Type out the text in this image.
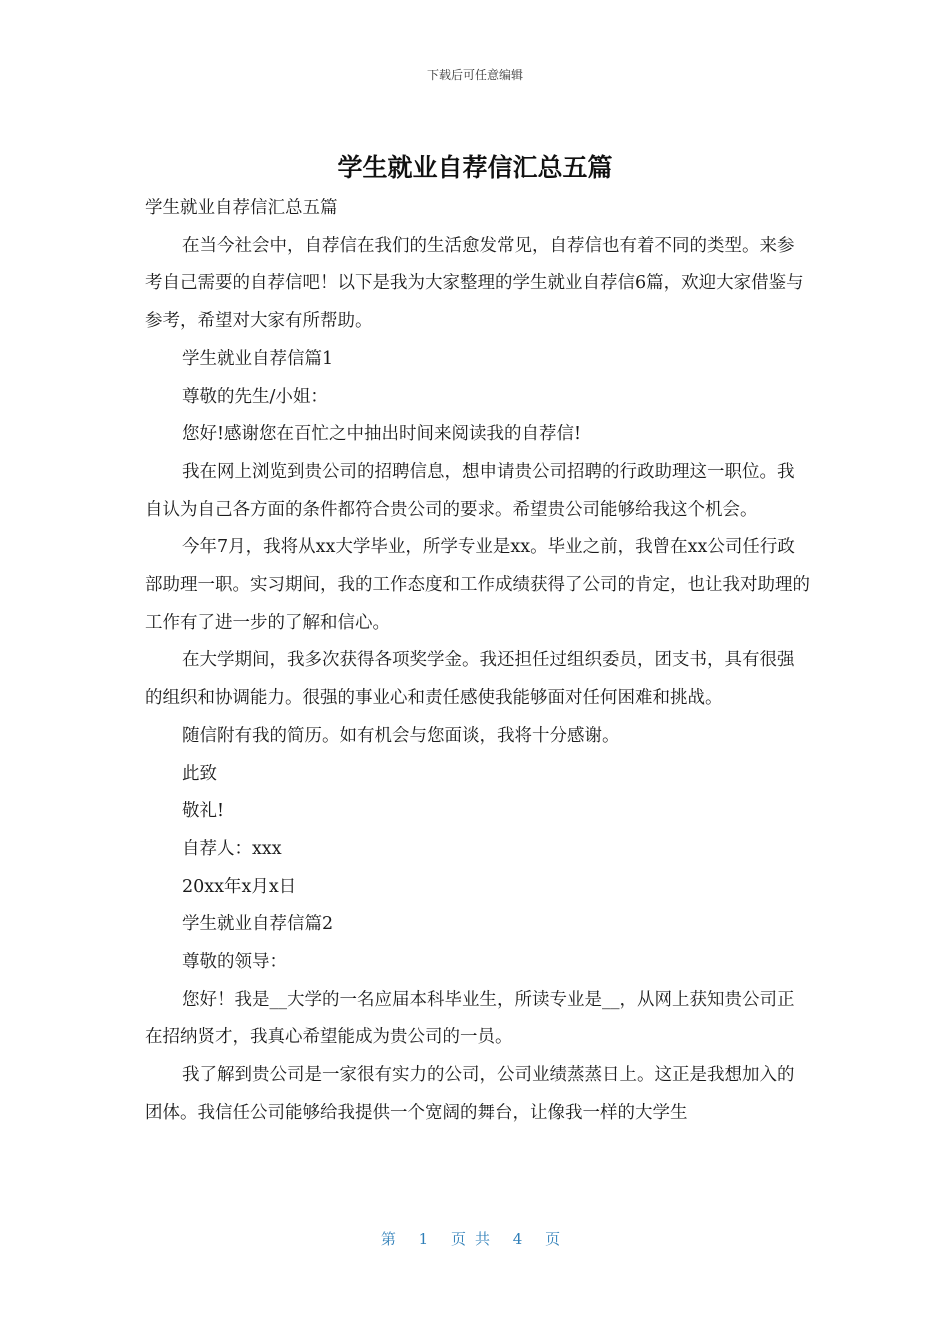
下载后可任意编辑
学生就业自荐信汇总五篇

学生就业自荐信汇总五篇

在当今社会中，自荐信在我们的生活愈发常见，自荐信也有着不同的类型。来参考自己需要的自荐信吧！以下是我为大家整理的学生就业自荐信6篇，欢迎大家借鉴与参考，希望对大家有所帮助。

学生就业自荐信篇1

尊敬的先生/小姐：

您好!感谢您在百忙之中抽出时间来阅读我的自荐信!

我在网上浏览到贵公司的招聘信息，想申请贵公司招聘的行政助理这一职位。我自认为自己各方面的条件都符合贵公司的要求。希望贵公司能够给我这个机会。

今年7月，我将从xx大学毕业，所学专业是xx。毕业之前，我曾在xx公司任行政部助理一职。实习期间，我的工作态度和工作成绩获得了公司的肯定，也让我对助理的工作有了进一步的了解和信心。

在大学期间，我多次获得各项奖学金。我还担任过组织委员，团支书，具有很强的组织和协调能力。很强的事业心和责任感使我能够面对任何困难和挑战。

随信附有我的简历。如有机会与您面谈，我将十分感谢。

此致

敬礼!

自荐人：xxx

20xx年x月x日

学生就业自荐信篇2

尊敬的领导：

您好！我是__大学的一名应届本科毕业生，所读专业是__，从网上获知贵公司正在招纳贤才，我真心希望能成为贵公司的一员。

我了解到贵公司是一家很有实力的公司，公司业绩蒸蒸日上。这正是我想加入的团体。我信任公司能够给我提供一个宽阔的舞台，让像我一样的大学生

第 1 页共 4 页
